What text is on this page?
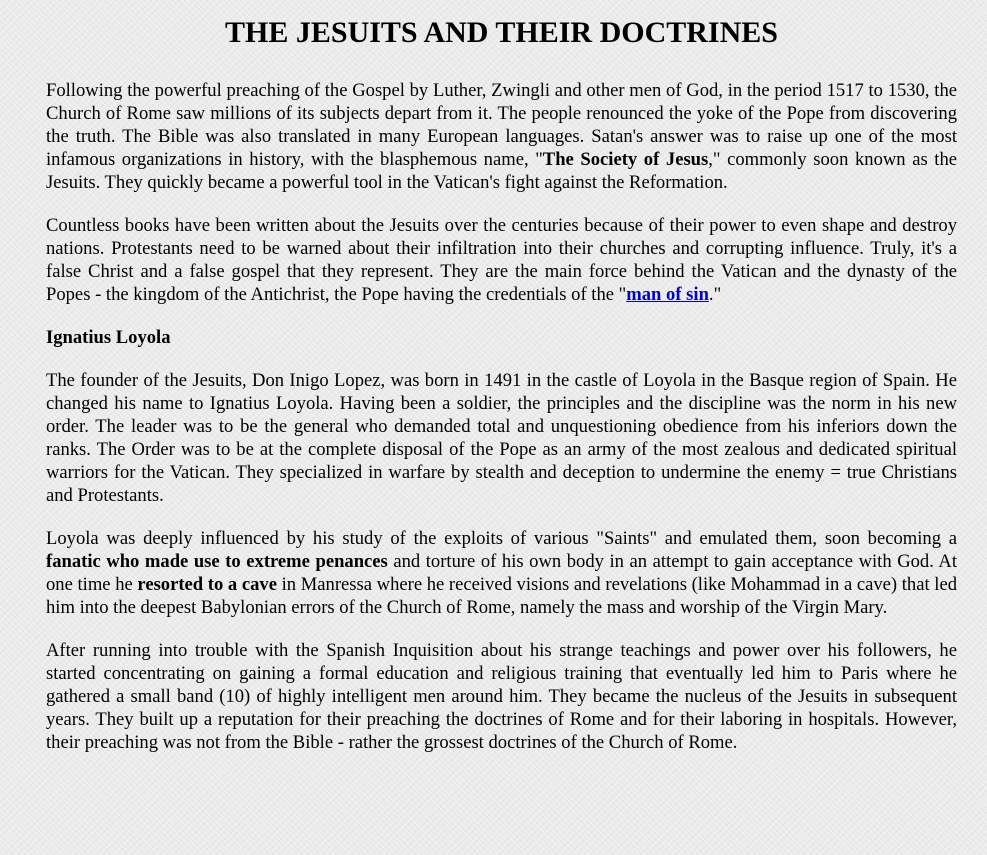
THE JESUITS AND THEIR DOCTRINES

Following the powerful preaching of the Gospel by Luther, Zwingli and other men of God, in the period 1517 to 1530, the Church of Rome saw millions of its subjects depart from it. The people renounced the yoke of the Pope from discovering the truth. The Bible was also translated in many European languages. Satan's answer was to raise up one of the most infamous organizations in history, with the blasphemous name, "The Society of Jesus," commonly soon known as the Jesuits. They quickly became a powerful tool in the Vatican's fight against the Reformation.

Countless books have been written about the Jesuits over the centuries because of their power to even shape and destroy nations. Protestants need to be warned about their infiltration into their churches and corrupting influence. Truly, it's a false Christ and a false gospel that they represent. They are the main force behind the Vatican and the dynasty of the Popes - the kingdom of the Antichrist, the Pope having the credentials of the "man of sin."

Ignatius Loyola

The founder of the Jesuits, Don Inigo Lopez, was born in 1491 in the castle of Loyola in the Basque region of Spain. He changed his name to Ignatius Loyola. Having been a soldier, the principles and the discipline was the norm in his new order. The leader was to be the general who demanded total and unquestioning obedience from his inferiors down the ranks. The Order was to be at the complete disposal of the Pope as an army of the most zealous and dedicated spiritual warriors for the Vatican. They specialized in warfare by stealth and deception to undermine the enemy = true Christians and Protestants.

Loyola was deeply influenced by his study of the exploits of various "Saints" and emulated them, soon becoming a fanatic who made use to extreme penances and torture of his own body in an attempt to gain acceptance with God. At one time he resorted to a cave in Manressa where he received visions and revelations (like Mohammad in a cave) that led him into the deepest Babylonian errors of the Church of Rome, namely the mass and worship of the Virgin Mary.

After running into trouble with the Spanish Inquisition about his strange teachings and power over his followers, he started concentrating on gaining a formal education and religious training that eventually led him to Paris where he gathered a small band (10) of highly intelligent men around him. They became the nucleus of the Jesuits in subsequent years. They built up a reputation for their preaching the doctrines of Rome and for their laboring in hospitals. However, their preaching was not from the Bible - rather the grossest doctrines of the Church of Rome.
